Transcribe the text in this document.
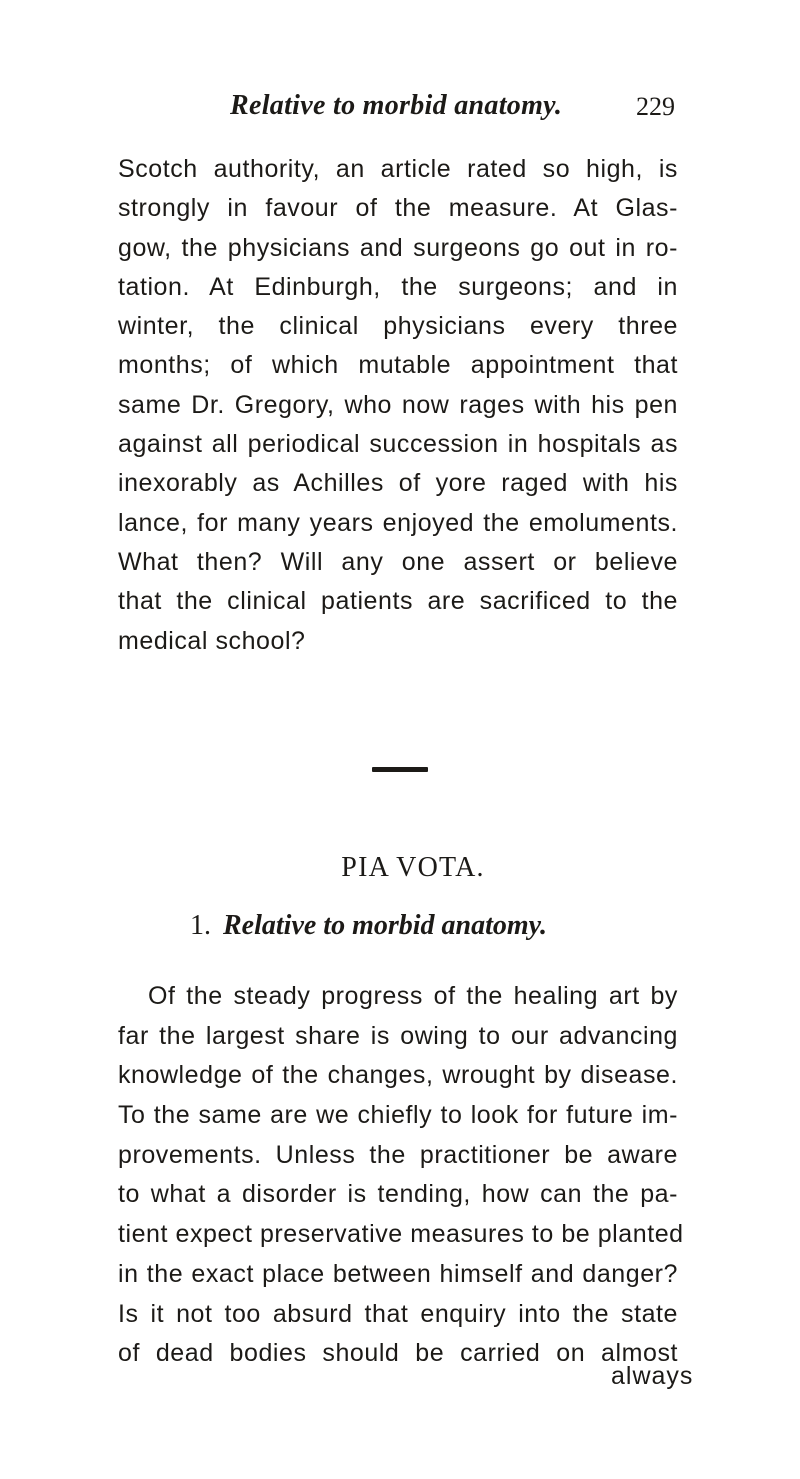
Relative to morbid anatomy.	229
Scotch authority, an article rated so high, is
strongly in favour of the measure. At Glas-
gow, the physicians and surgeons go out in ro-
tation. At Edinburgh, the surgeons; and in
winter, the clinical physicians every three
months; of which mutable appointment that
same Dr. Gregory, who now rages with his pen
against all periodical succession in hospitals as
inexorably as Achilles of yore raged with his
lance, for many years enjoyed the emoluments.
What then? Will any one assert or believe
that the clinical patients are sacrificed to the
medical school?
PIA VOTA.
1. Relative to morbid anatomy.
Of the steady progress of the healing art by
far the largest share is owing to our advancing
knowledge of the changes, wrought by disease.
To the same are we chiefly to look for future im-
provements. Unless the practitioner be aware
to what a disorder is tending, how can the pa-
tient expect preservative measures to be planted
in the exact place between himself and danger?
Is it not too absurd that enquiry into the state
of dead bodies should be carried on almost
always
